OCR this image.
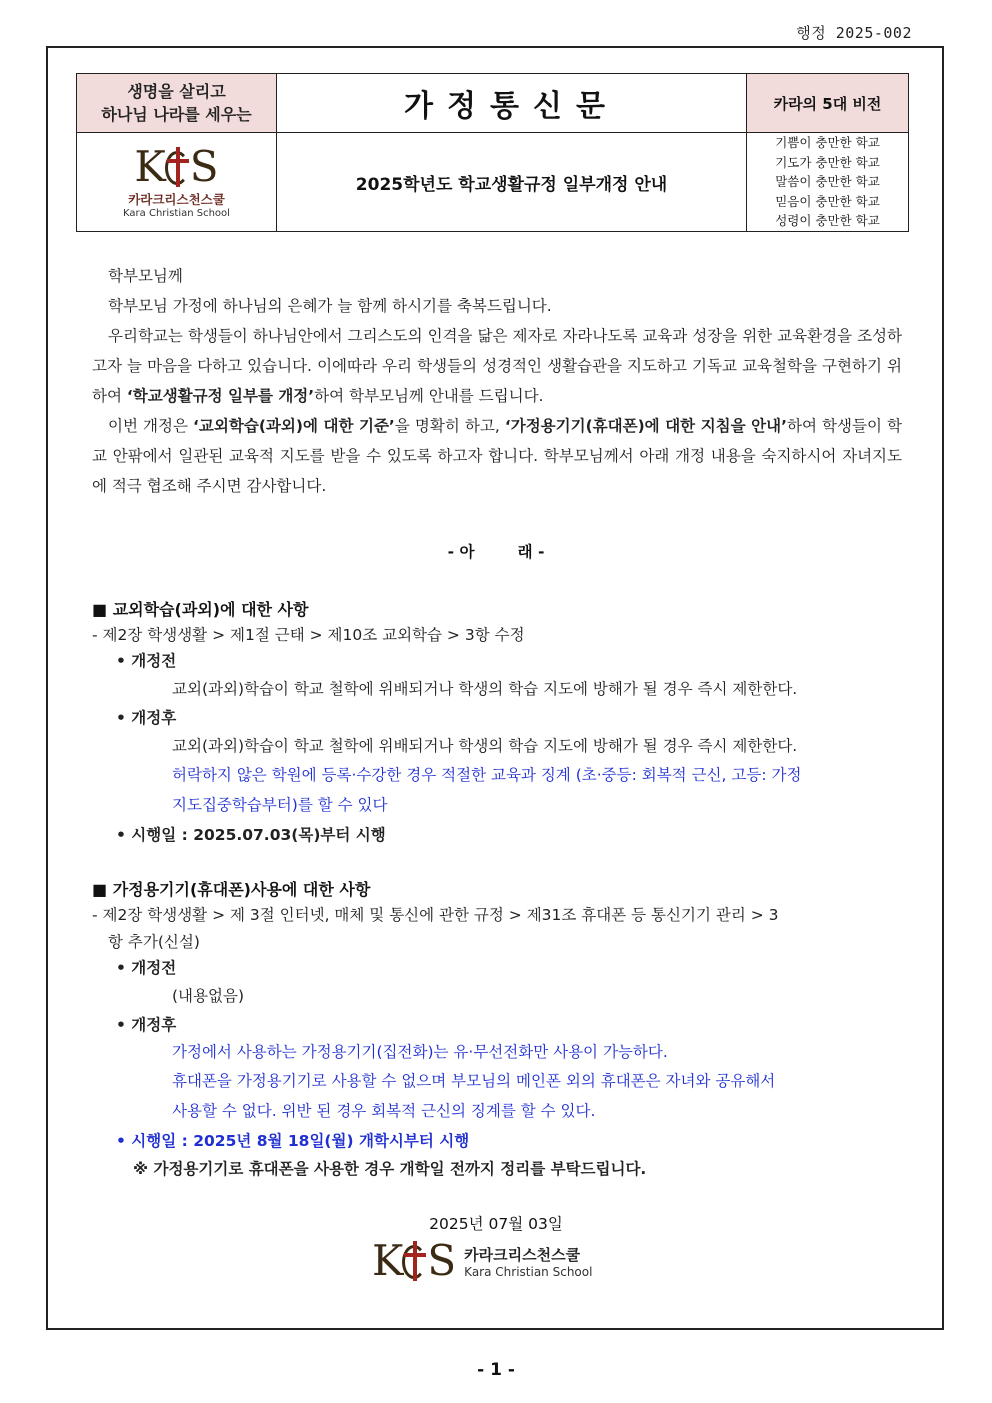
행정 2025-002
생명을 살리고
하나님 나라를 세우는
K S
카라크리스천스쿨
Kara Christian School
가정통신문
2025학년도 학교생활규정 일부개정 안내
카라의 5대 비전
기쁨이 충만한 학교
기도가 충만한 학교
말씀이 충만한 학교
믿음이 충만한 학교
성령이 충만한 학교

학부모님께

학부모님 가정에 하나님의 은혜가 늘 함께 하시기를 축복드립니다.

우리학교는 학생들이 하나님안에서 그리스도의 인격을 닮은 제자로 자라나도록 교육과 성장을 위한 교육환경을 조성하고자 늘 마음을 다하고 있습니다. 이에따라 우리 학생들의 성경적인 생활습관을 지도하고 기독교 교육철학을 구현하기 위하여 ‘학교생활규정 일부를 개정’하여 학부모님께 안내를 드립니다.

이번 개정은 ‘교외학습(과외)에 대한 기준’을 명확히 하고, ‘가정용기기(휴대폰)에 대한 지침을 안내’하여 학생들이 학교 안팎에서 일관된 교육적 지도를 받을 수 있도록 하고자 합니다. 학부모님께서 아래 개정 내용을 숙지하시어 자녀지도에 적극 협조해 주시면 감사합니다.

- 아        래 -
■ 교외학습(과외)에 대한 사항
- 제2장 학생생활 > 제1절 근태 > 제10조 교외학습 > 3항 수정
• 개정전
교외(과외)학습이 학교 철학에 위배되거나 학생의 학습 지도에 방해가 될 경우 즉시 제한한다.
• 개정후
교외(과외)학습이 학교 철학에 위배되거나 학생의 학습 지도에 방해가 될 경우 즉시 제한한다.
허락하지 않은 학원에 등록·수강한 경우 적절한 교육과 징계 (초·중등: 회복적 근신, 고등: 가정
지도집중학습부터)를 할 수 있다
• 시행일 : 2025.07.03(목)부터 시행
■ 가정용기기(휴대폰)사용에 대한 사항
- 제2장 학생생활 > 제 3절 인터넷, 매체 및 통신에 관한 규정 > 제31조 휴대폰 등 통신기기 관리 > 3
항 추가(신설)
• 개정전
(내용없음)
• 개정후
가정에서 사용하는 가정용기기(집전화)는 유·무선전화만 사용이 가능하다.
휴대폰을 가정용기기로 사용할 수 없으며 부모님의 메인폰 외의 휴대폰은 자녀와 공유해서
사용할 수 없다. 위반 된 경우 회복적 근신의 징계를 할 수 있다.
• 시행일 : 2025년 8월 18일(월) 개학시부터 시행
※ 가정용기기로 휴대폰을 사용한 경우 개학일 전까지 정리를 부탁드립니다.
2025년 07월 03일
K S 카라크리스천스쿨
Kara Christian School
- 1 -
